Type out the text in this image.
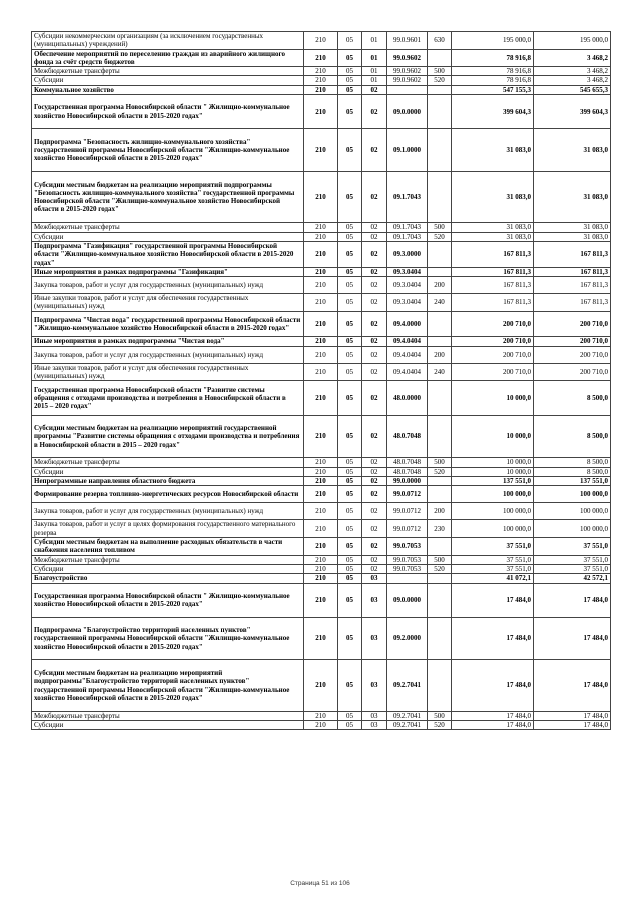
Субсидии некоммерческим организациям (за исключением государственных (муниципальных) учреждений)	210	05	01	99.0.9601	630	195 000,0	195 000,0
Обеспечение мероприятий по переселению граждан из аварийного жилищного фонда за счёт средств бюджетов	210	05	01	99.0.9602		78 916,8	3 468,2
Межбюджетные трансферты	210	05	01	99.0.9602	500	78 916,8	3 468,2
Субсидии	210	05	01	99.0.9602	520	78 916,8	3 468,2
Коммунальное хозяйство	210	05	02			547 155,3	545 655,3
Государственная программа Новосибирской области " Жилищно-коммунальное хозяйство Новосибирской области в 2015-2020 годах"	210	05	02	09.0.0000		399 604,3	399 604,3
Подпрограмма "Безопасность жилищно-коммунального хозяйства" государственной программы Новосибирской области "Жилищно-коммунальное хозяйство Новосибирской области в 2015-2020 годах"	210	05	02	09.1.0000		31 083,0	31 083,0
Субсидии местным бюджетам на реализацию мероприятий подпрограммы "Безопасность жилищно-коммунального хозяйства" государственной программы Новосибирской области "Жилищно-коммунальное хозяйство Новосибирской области в 2015-2020 годах"	210	05	02	09.1.7043		31 083,0	31 083,0
Межбюджетные трансферты	210	05	02	09.1.7043	500	31 083,0	31 083,0
Субсидии	210	05	02	09.1.7043	520	31 083,0	31 083,0
Подпрограмма "Газификация" государственной программы Новосибирской области "Жилищно-коммунальное хозяйство Новосибирской области в 2015-2020 годах"	210	05	02	09.3.0000		167 811,3	167 811,3
Иные мероприятия в рамках подпрограммы "Газификация"	210	05	02	09.3.0404		167 811,3	167 811,3
Закупка товаров, работ и услуг для государственных (муниципальных) нужд	210	05	02	09.3.0404	200	167 811,3	167 811,3
Иные закупки товаров, работ и услуг для обеспечения государственных (муниципальных) нужд	210	05	02	09.3.0404	240	167 811,3	167 811,3
Подпрограмма "Чистая вода" государственной программы Новосибирской области "Жилищно-коммунальное хозяйство Новосибирской области в 2015-2020 годах"	210	05	02	09.4.0000		200 710,0	200 710,0
Иные мероприятия в рамках подпрограммы "Чистая вода"	210	05	02	09.4.0404		200 710,0	200 710,0
Закупка товаров, работ и услуг для государственных (муниципальных) нужд	210	05	02	09.4.0404	200	200 710,0	200 710,0
Иные закупки товаров, работ и услуг для обеспечения государственных (муниципальных) нужд	210	05	02	09.4.0404	240	200 710,0	200 710,0
Государственная программа Новосибирской области "Развитие системы обращения с отходами производства и потребления в Новосибирской области в 2015 – 2020 годах"	210	05	02	48.0.0000		10 000,0	8 500,0
Субсидии местным бюджетам на реализацию мероприятий государственной программы "Развитие системы обращения с отходами производства и потребления в Новосибирской области в 2015 – 2020 годах"	210	05	02	48.0.7048		10 000,0	8 500,0
Межбюджетные трансферты	210	05	02	48.0.7048	500	10 000,0	8 500,0
Субсидии	210	05	02	48.0.7048	520	10 000,0	8 500,0
Непрограммные направления областного бюджета	210	05	02	99.0.0000		137 551,0	137 551,0
Формирование резерва топливно-энергетических ресурсов Новосибирской области	210	05	02	99.0.0712		100 000,0	100 000,0
Закупка товаров, работ и услуг для государственных (муниципальных) нужд	210	05	02	99.0.0712	200	100 000,0	100 000,0
Закупка товаров, работ и услуг в целях формирования государственного материального резерва	210	05	02	99.0.0712	230	100 000,0	100 000,0
Субсидии местным бюджетам на выполнение расходных обязательств в части снабжения населения топливом	210	05	02	99.0.7053		37 551,0	37 551,0
Межбюджетные трансферты	210	05	02	99.0.7053	500	37 551,0	37 551,0
Субсидии	210	05	02	99.0.7053	520	37 551,0	37 551,0
Благоустройство	210	05	03			41 072,1	42 572,1
Государственная программа Новосибирской области " Жилищно-коммунальное хозяйство Новосибирской области в 2015-2020 годах"	210	05	03	09.0.0000		17 484,0	17 484,0
Подпрограмма "Благоустройство территорий населенных пунктов" государственной программы Новосибирской области "Жилищно-коммунальное хозяйство Новосибирской области в 2015-2020 годах"	210	05	03	09.2.0000		17 484,0	17 484,0
Субсидии местным бюджетам на реализацию мероприятий подпрограммы"Благоустройство территорий населенных пунктов" государственной программы Новосибирской области "Жилищно-коммунальное хозяйство Новосибирской области в 2015-2020 годах"	210	05	03	09.2.7041		17 484,0	17 484,0
Межбюджетные трансферты	210	05	03	09.2.7041	500	17 484,0	17 484,0
Субсидии	210	05	03	09.2.7041	520	17 484,0	17 484,0
Страница 51 из 106
